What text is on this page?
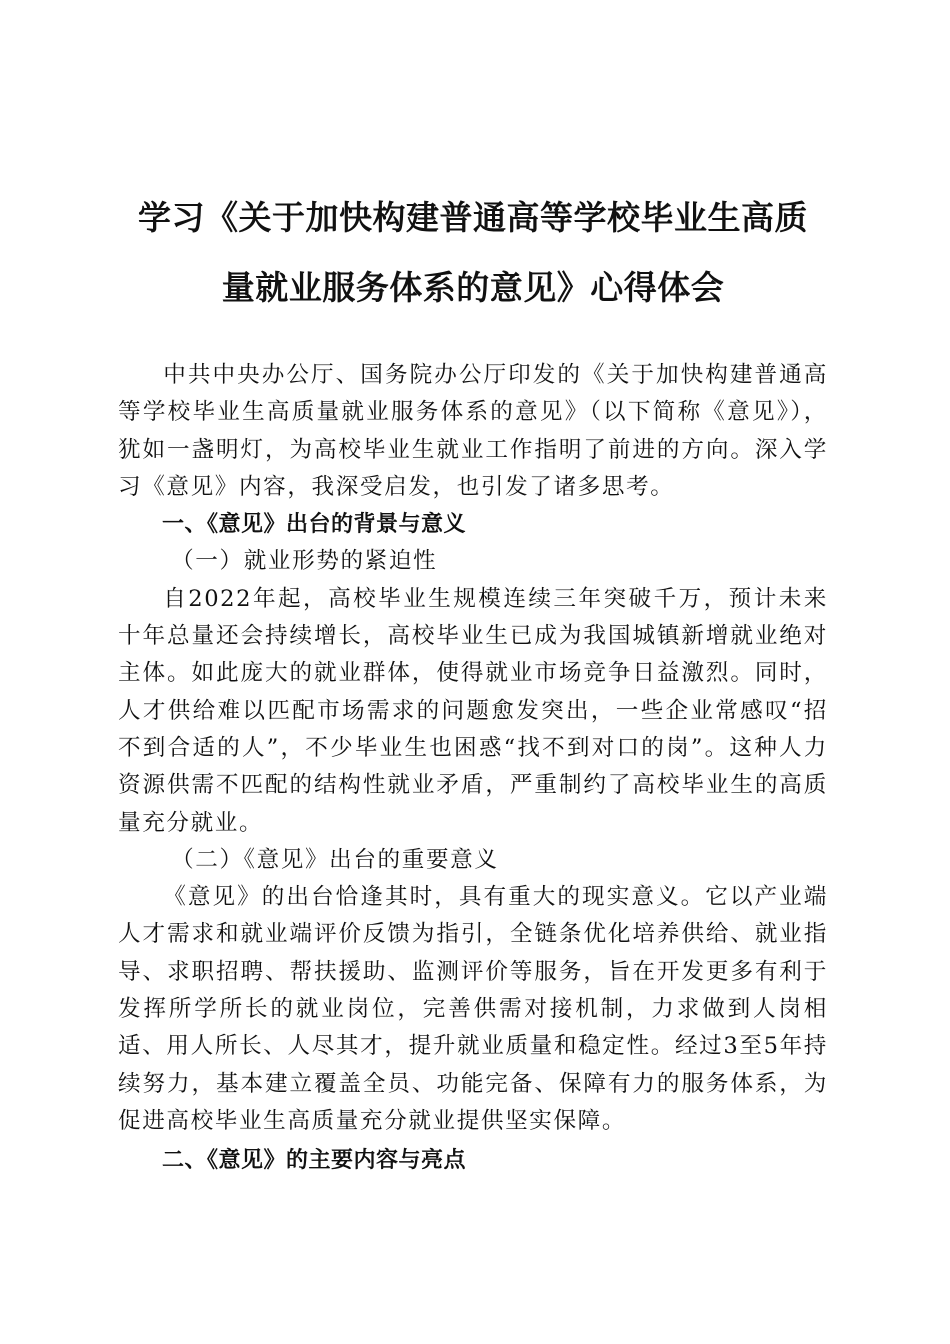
学习《关于加快构建普通高等学校毕业生高质
量就业服务体系的意见》心得体会

中共中央办公厅、国务院办公厅印发的《关于加快构建普通高等学校毕业生高质量就业服务体系的意见》（以下简称《意见》），犹如一盏明灯，为高校毕业生就业工作指明了前进的方向。深入学习《意见》内容，我深受启发，也引发了诸多思考。

一、《意见》出台的背景与意义

（一）就业形势的紧迫性

自2022年起，高校毕业生规模连续三年突破千万，预计未来十年总量还会持续增长，高校毕业生已成为我国城镇新增就业绝对主体。如此庞大的就业群体，使得就业市场竞争日益激烈。同时，人才供给难以匹配市场需求的问题愈发突出，一些企业常感叹“招不到合适的人”，不少毕业生也困惑“找不到对口的岗”。这种人力资源供需不匹配的结构性就业矛盾，严重制约了高校毕业生的高质量充分就业。

（二）《意见》出台的重要意义

《意见》的出台恰逢其时，具有重大的现实意义。它以产业端人才需求和就业端评价反馈为指引，全链条优化培养供给、就业指导、求职招聘、帮扶援助、监测评价等服务，旨在开发更多有利于发挥所学所长的就业岗位，完善供需对接机制，力求做到人岗相适、用人所长、人尽其才，提升就业质量和稳定性。经过3至5年持续努力，基本建立覆盖全员、功能完备、保障有力的服务体系，为促进高校毕业生高质量充分就业提供坚实保障。

二、《意见》的主要内容与亮点
